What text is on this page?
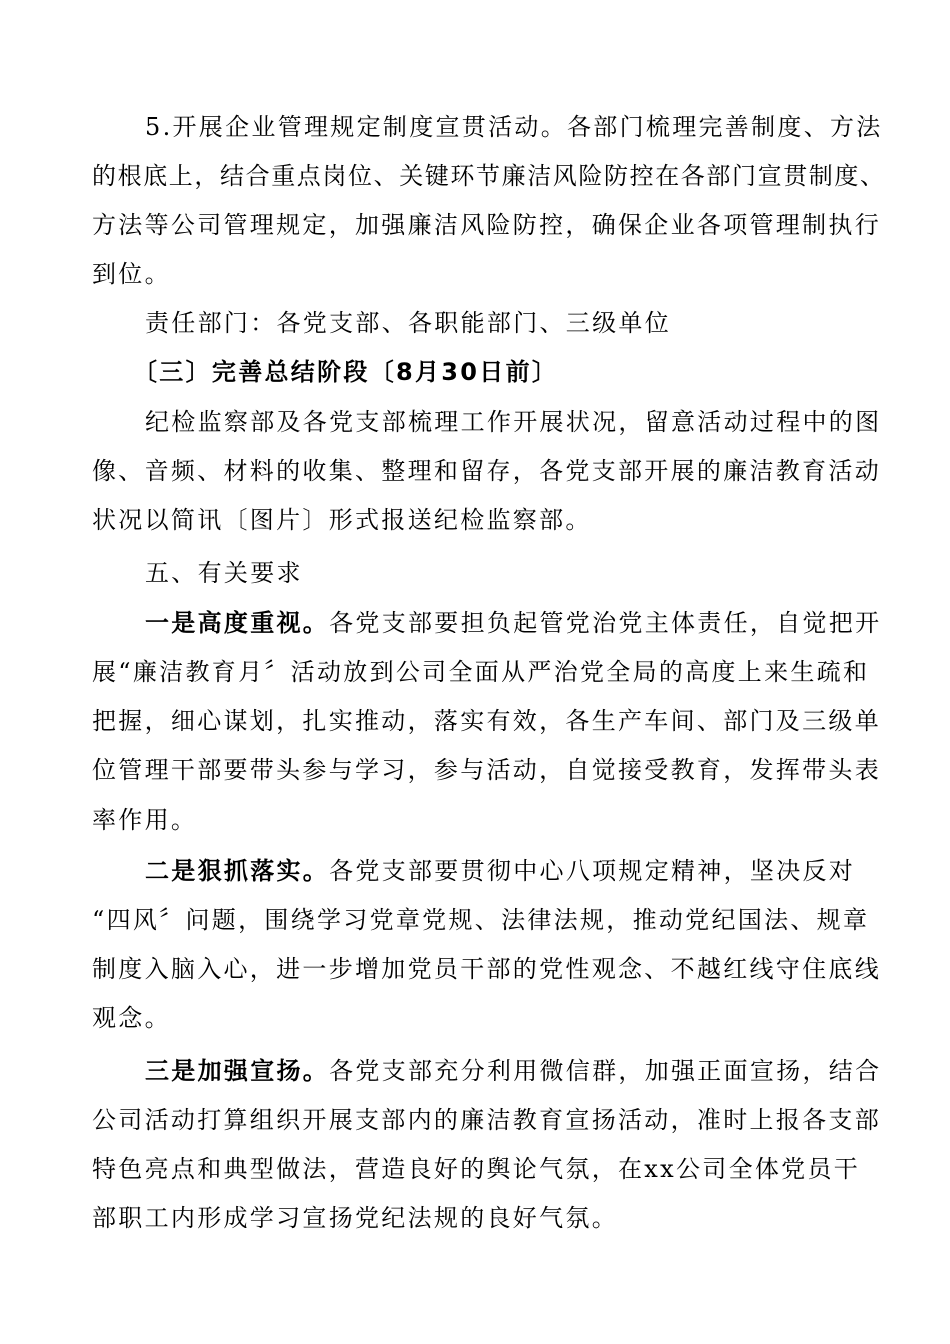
5.开展企业管理规定制度宣贯活动。各部门梳理完善制度、方法
的根底上，结合重点岗位、关键环节廉洁风险防控在各部门宣贯制度、
方法等公司管理规定，加强廉洁风险防控，确保企业各项管理制执行
到位。
责任部门：各党支部、各职能部门、三级单位
〔三〕完善总结阶段〔8月30日前〕
纪检监察部及各党支部梳理工作开展状况，留意活动过程中的图
像、音频、材料的收集、整理和留存，各党支部开展的廉洁教育活动
状况以简讯〔图片〕形式报送纪检监察部。
五、有关要求
一是高度重视。各党支部要担负起管党治党主体责任，自觉把开
展“廉洁教育月〞活动放到公司全面从严治党全局的高度上来生疏和
把握，细心谋划，扎实推动，落实有效，各生产车间、部门及三级单
位管理干部要带头参与学习，参与活动，自觉接受教育，发挥带头表
率作用。
二是狠抓落实。各党支部要贯彻中心八项规定精神，坚决反对
“四风〞问题，围绕学习党章党规、法律法规，推动党纪国法、规章
制度入脑入心，进一步增加党员干部的党性观念、不越红线守住底线
观念。
三是加强宣扬。各党支部充分利用微信群，加强正面宣扬，结合
公司活动打算组织开展支部内的廉洁教育宣扬活动，准时上报各支部
特色亮点和典型做法，营造良好的舆论气氛，在xx公司全体党员干
部职工内形成学习宣扬党纪法规的良好气氛。
